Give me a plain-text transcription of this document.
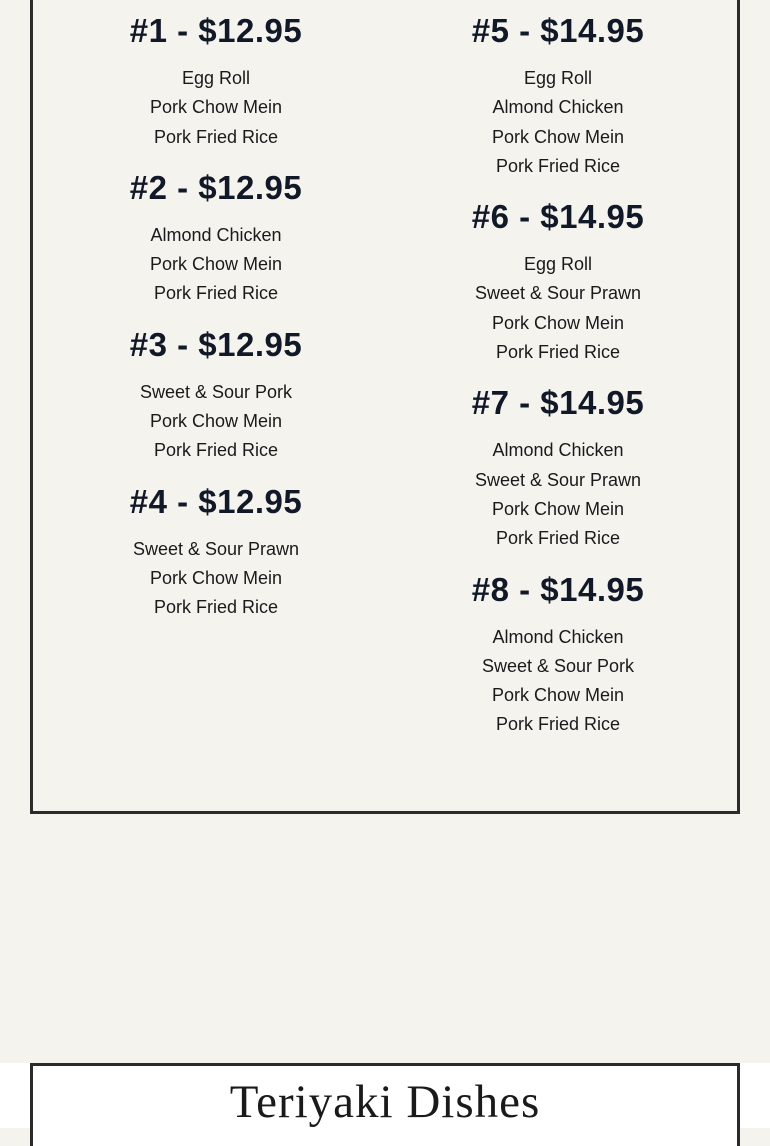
#1 - $12.95
Egg Roll
Pork Chow Mein
Pork Fried Rice
#2 - $12.95
Almond Chicken
Pork Chow Mein
Pork Fried Rice
#3 - $12.95
Sweet & Sour Pork
Pork Chow Mein
Pork Fried Rice
#4 - $12.95
Sweet & Sour Prawn
Pork Chow Mein
Pork Fried Rice
#5 - $14.95
Egg Roll
Almond Chicken
Pork Chow Mein
Pork Fried Rice
#6 - $14.95
Egg Roll
Sweet & Sour Prawn
Pork Chow Mein
Pork Fried Rice
#7 - $14.95
Almond Chicken
Sweet & Sour Prawn
Pork Chow Mein
Pork Fried Rice
#8 - $14.95
Almond Chicken
Sweet & Sour Pork
Pork Chow Mein
Pork Fried Rice
Teriyaki Dishes
